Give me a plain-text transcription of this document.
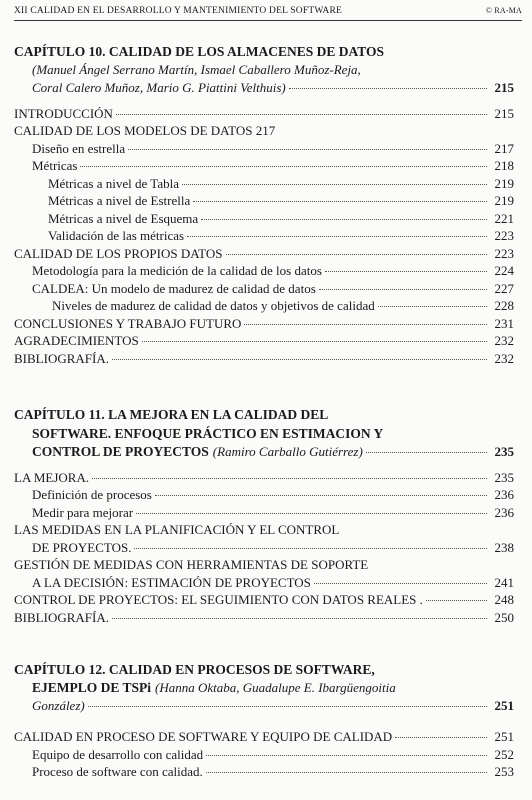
XII CALIDAD EN EL DESARROLLO Y MANTENIMIENTO DEL SOFTWARE	© RA-MA
CAPÍTULO 10. CALIDAD DE LOS ALMACENES DE DATOS
(Manuel Ángel Serrano Martín, Ismael Caballero Muñoz-Reja,
Coral Calero Muñoz, Mario G. Piattini Velthuis)	215
INTRODUCCIÓN	215
CALIDAD DE LOS MODELOS DE DATOS 217
Diseño en estrella	217
Métricas	218
Métricas a nivel de Tabla	219
Métricas a nivel de Estrella	219
Métricas a nivel de Esquema	221
Validación de las métricas	223
CALIDAD DE LOS PROPIOS DATOS	223
Metodología para la medición de la calidad de los datos	224
CALDEA: Un modelo de madurez de calidad de datos	227
Niveles de madurez de calidad de datos y objetivos de calidad	228
CONCLUSIONES Y TRABAJO FUTURO	231
AGRADECIMIENTOS	232
BIBLIOGRAFÍA.	232
CAPÍTULO 11. LA MEJORA EN LA CALIDAD DEL
SOFTWARE. ENFOQUE PRÁCTICO EN ESTIMACION Y
CONTROL DE PROYECTOS (Ramiro Carballo Gutiérrez)	235
LA MEJORA.	235
Definición de procesos	236
Medir para mejorar	236
LAS MEDIDAS EN LA PLANIFICACIÓN Y EL CONTROL
DE PROYECTOS.	238
GESTIÓN DE MEDIDAS CON HERRAMIENTAS DE SOPORTE
A LA DECISIÓN: ESTIMACIÓN DE PROYECTOS	241
CONTROL DE PROYECTOS: EL SEGUIMIENTO CON DATOS REALES .	248
BIBLIOGRAFÍA.	250
CAPÍTULO 12. CALIDAD EN PROCESOS DE SOFTWARE,
EJEMPLO DE TSPi (Hanna Oktaba, Guadalupe E. Ibargüengoitia
González)	251
CALIDAD EN PROCESO DE SOFTWARE Y EQUIPO DE CALIDAD	251
Equipo de desarrollo con calidad	252
Proceso de software con calidad.	253
